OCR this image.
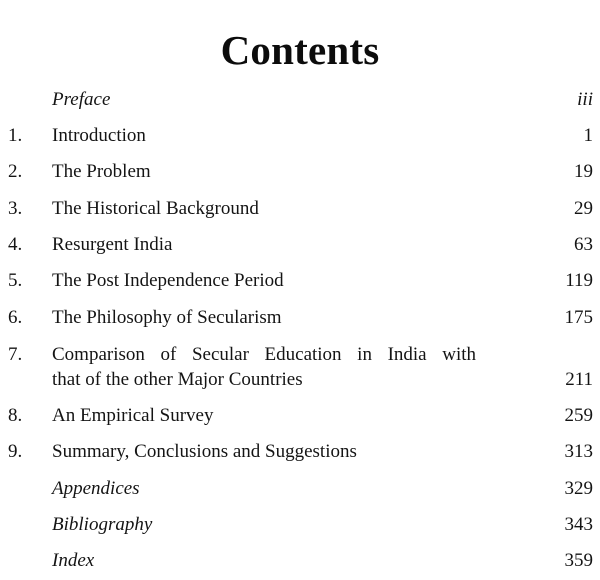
Contents
Preface	iii
1. Introduction	1
2. The Problem	19
3. The Historical Background	29
4. Resurgent India	63
5. The Post Independence Period	119
6. The Philosophy of Secularism	175
7. Comparison of Secular Education in India with
that of the other Major Countries	211
8. An Empirical Survey	259
9. Summary, Conclusions and Suggestions	313
Appendices	329
Bibliography	343
Index	359
